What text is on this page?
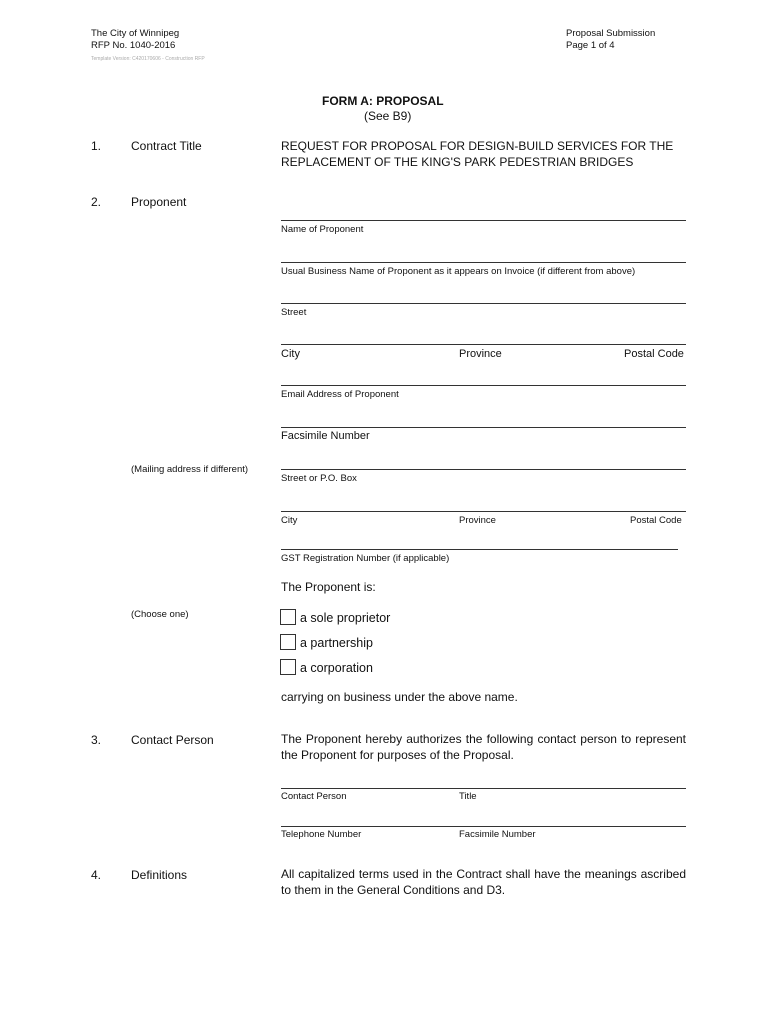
The City of Winnipeg
RFP No. 1040-2016
Template Version: C420170606 - Construction RFP
Proposal Submission
Page 1 of 4
FORM A: PROPOSAL
(See B9)
1. Contract Title	REQUEST FOR PROPOSAL FOR DESIGN-BUILD SERVICES FOR THE REPLACEMENT OF THE KING'S PARK PEDESTRIAN BRIDGES
2. Proponent
Name of Proponent
Usual Business Name of Proponent as it appears on Invoice (if different from above)
Street
City	Province	Postal Code
Email Address of Proponent
Facsimile Number
(Mailing address if different)
Street or P.O. Box
City	Province	Postal Code
GST Registration Number (if applicable)
The Proponent is:
(Choose one)	a sole proprietor
a partnership
a corporation
carrying on business under the above name.
3. Contact Person	The Proponent hereby authorizes the following contact person to represent the Proponent for purposes of the Proposal.
Contact Person	Title
Telephone Number	Facsimile Number
4. Definitions	All capitalized terms used in the Contract shall have the meanings ascribed to them in the General Conditions and D3.
